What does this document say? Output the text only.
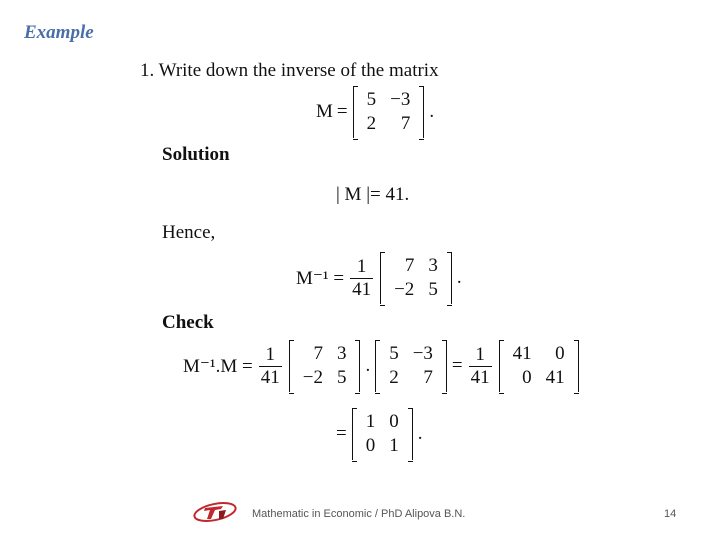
Example
1. Write down the inverse of the matrix
M =
5	−3
2	7
.
Solution
| M |= 41.
Hence,
$M^{-1} = \frac{1}{41} 7$	3
−2	5
.
Check
$M^{-1}.M = \frac{1}{41} 7$	3
−2	5
.
5	−3
2	7
= $\frac{1}{41} 41$	0
0	41
=
1	0
0	1
.
Mathematic in Economic / PhD Alipova B.N.	14
